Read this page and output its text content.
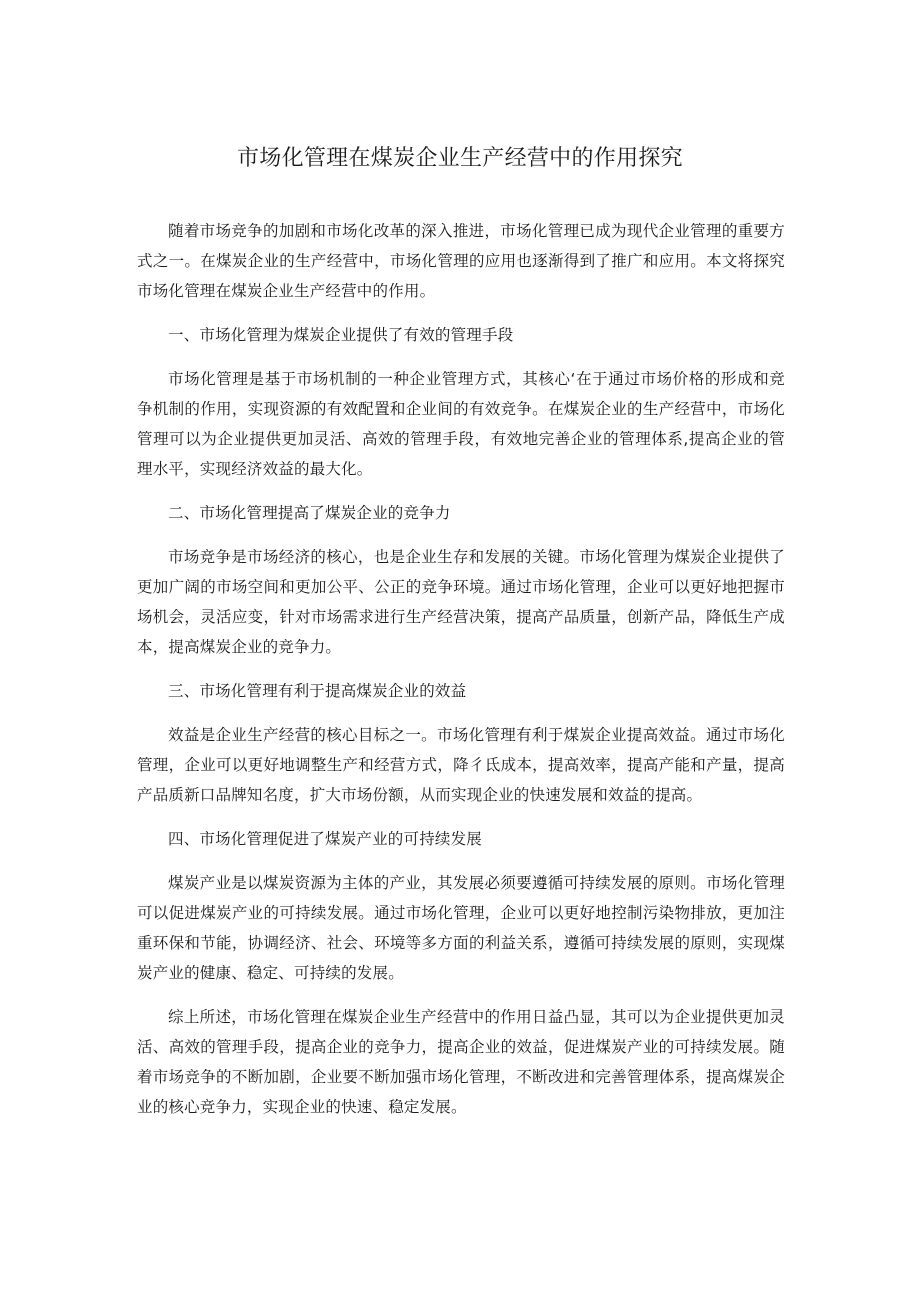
市场化管理在煤炭企业生产经营中的作用探究

随着市场竞争的加剧和市场化改革的深入推进，市场化管理已成为现代企业管理的重要方式之一。在煤炭企业的生产经营中，市场化管理的应用也逐渐得到了推广和应用。本文将探究市场化管理在煤炭企业生产经营中的作用。

一、市场化管理为煤炭企业提供了有效的管理手段

市场化管理是基于市场机制的一种企业管理方式，其核心‘在于通过市场价格的形成和竞争机制的作用，实现资源的有效配置和企业间的有效竞争。在煤炭企业的生产经营中，市场化管理可以为企业提供更加灵活、高效的管理手段，有效地完善企业的管理体系,提高企业的管理水平，实现经济效益的最大化。

二、市场化管理提高了煤炭企业的竞争力

市场竞争是市场经济的核心，也是企业生存和发展的关键。市场化管理为煤炭企业提供了更加广阔的市场空间和更加公平、公正的竞争环境。通过市场化管理，企业可以更好地把握市场机会，灵活应变，针对市场需求进行生产经营决策，提高产品质量，创新产品，降低生产成本，提高煤炭企业的竞争力。

三、市场化管理有利于提高煤炭企业的效益

效益是企业生产经营的核心目标之一。市场化管理有利于煤炭企业提高效益。通过市场化管理，企业可以更好地调整生产和经营方式，降彳氐成本，提高效率，提高产能和产量，提高产品质新口品牌知名度，扩大市场份额，从而实现企业的快速发展和效益的提高。

四、市场化管理促进了煤炭产业的可持续发展

煤炭产业是以煤炭资源为主体的产业，其发展必须要遵循可持续发展的原则。市场化管理可以促进煤炭产业的可持续发展。通过市场化管理，企业可以更好地控制污染物排放，更加注重环保和节能，协调经济、社会、环境等多方面的利益关系，遵循可持续发展的原则，实现煤炭产业的健康、稳定、可持续的发展。

综上所述，市场化管理在煤炭企业生产经营中的作用日益凸显，其可以为企业提供更加灵活、高效的管理手段，提高企业的竞争力，提高企业的效益，促进煤炭产业的可持续发展。随着市场竞争的不断加剧，企业要不断加强市场化管理，不断改进和完善管理体系，提高煤炭企业的核心竞争力，实现企业的快速、稳定发展。
